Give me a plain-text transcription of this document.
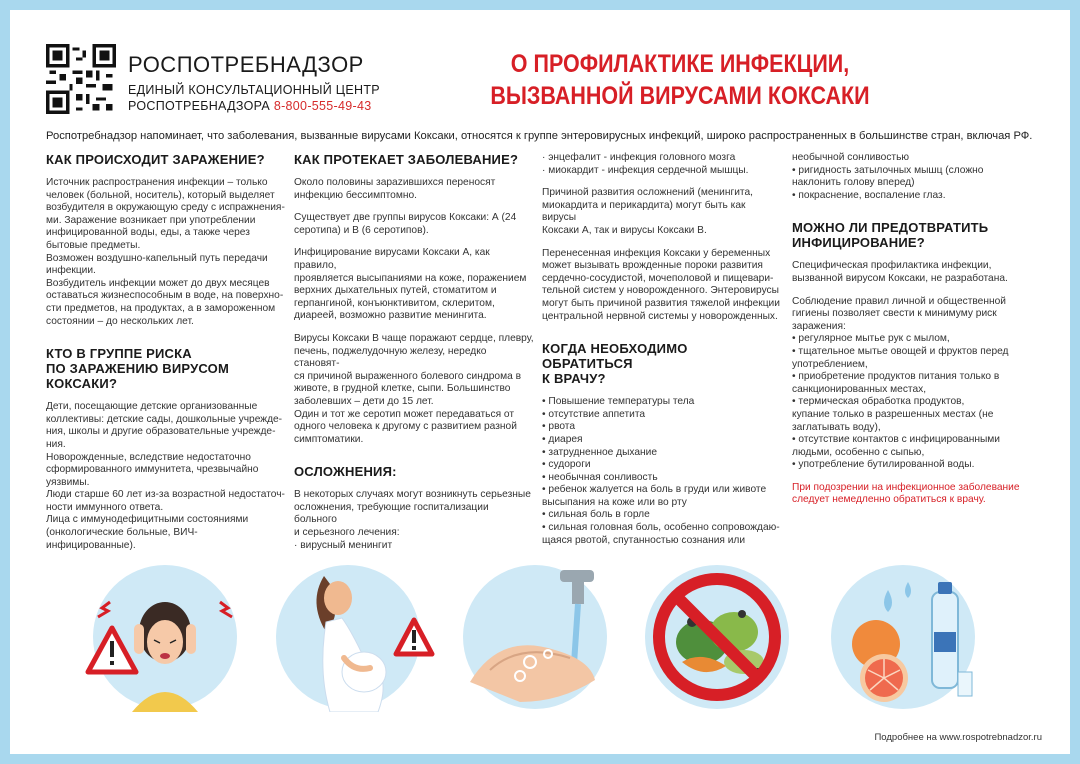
РОСПОТРЕБНАДЗОР
ЕДИНЫЙ КОНСУЛЬТАЦИОННЫЙ ЦЕНТР
РОСПОТРЕБНАДЗОРА 8-800-555-49-43
О ПРОФИЛАКТИКЕ ИНФЕКЦИИ,
ВЫЗВАННОЙ ВИРУСАМИ КОКСАКИ
Роспотребнадзор напоминает, что заболевания, вызванные вирусами Коксаки, относятся к группе энтеровирусных инфекций, широко распространенных в большинстве стран, включая РФ.
КАК ПРОИСХОДИТ ЗАРАЖЕНИЕ?

Источник распространения инфекции – только
человек (больной, носитель), который выделяет
возбудителя в окружающую среду с испражнения-
ми. Заражение возникает при употреблении
инфицированной воды, еды, а также через
бытовые предметы.
Возможен воздушно-капельный путь передачи
инфекции.
Возбудитель инфекции может до двух месяцев
оставаться жизнеспособным в воде, на поверхно-
сти предметов, на продуктах, а в замороженном
состоянии – до нескольких лет.

КТО В ГРУППЕ РИСКА
ПО ЗАРАЖЕНИЮ ВИРУСОМ КОКСАКИ?

Дети, посещающие детские организованные
коллективы: детские сады, дошкольные учрежде-
ния, школы и другие образовательные учрежде-
ния.
Новорожденные, вследствие недостаточно
сформированного иммунитета, чрезвычайно
уязвимы.
Люди старше 60 лет из-за возрастной недостаточ-
ности иммунного ответа.
Лица с иммунодефицитными состояниями
(онкологические больные, ВИЧ-инфицированные).

КАК ПРОТЕКАЕТ ЗАБОЛЕВАНИЕ?

Около половины зарazившихся переносят
инфекцию бессимптомно.

Существует две группы вирусов Коксаки: А (24
серотипа) и В (6 серотипов).

Инфицирование вирусами Коксаки А, как правило,
проявляется высыпаниями на коже, поражением
верхних дыхательных путей, стоматитом и
герпангиной, конъюнктивитом, склеритом,
диареей, возможно развитие менингита.

Вирусы Коксаки В чаще поражают сердце, плевру,
печень, поджелудочную железу, нередко становят-
ся причиной выраженного болевого синдрома в
животе, в грудной клетке, сыпи. Большинство
заболевших – дети до 15 лет.
Один и тот же серотип может передаваться от
одного человека к другому с развитием разной
симптоматики.

ОСЛОЖНЕНИЯ:

В некоторых случаях могут возникнуть серьезные
осложнения, требующие госпитализации больного
и серьезного лечения:
· вирусный менингит

· энцефалит - инфекция головного мозга
· миокардит - инфекция сердечной мышцы.

Причиной развития осложнений (менингита,
миокардита и перикардита) могут быть как вирусы
Коксаки А, так и вирусы Коксаки В.

Перенесенная инфекция Коксаки у беременных
может вызывать врожденные пороки развития
сердечно-сосудистой, мочеполовой и пищевари-
тельной систем у новорожденного. Энтеровирусы
могут быть причиной развития тяжелой инфекции
центральной нервной системы у новорожденных.

КОГДА НЕОБХОДИМО ОБРАТИТЬСЯ
К ВРАЧУ?

• Повышение температуры тела
• отсутствие аппетита
• рвота
• диарея
• затрудненное дыхание
• судороги
• необычная сонливость
• ребенок жалуется на боль в груди или животе
высыпания на коже или во рту
• сильная боль в горле
• сильная головная боль, особенно сопровождаю-
щаяся рвотой, спутанностью сознания или

необычной сонливостью
• ригидность затылочных мышц (сложно
наклонить голову вперед)
• покраснение, воспаление глаз.

МОЖНО ЛИ ПРЕДОТВРАТИТЬ
ИНФИЦИРОВАНИЕ?

Специфическая профилактика инфекции,
вызванной вирусом Коксаки, не разработана.

Соблюдение правил личной и общественной
гигиены позволяет свести к минимуму риск
заражения:
• регулярное мытье рук с мылом,
• тщательное мытье овощей и фруктов перед
употреблением,
• приобретение продуктов питания только в
санкционированных местах,
• термическая обработка продуктов,
купание только в разрешенных местах (не
заглатывать воду),
• отсутствие контактов с инфицированными
людьми, особенно с сыпью,
• употребление бутилированной воды.

При подозрении на инфекционное заболевание
следует немедленно обратиться к врачу.

Подробнее на www.rospotrebnadzor.ru
